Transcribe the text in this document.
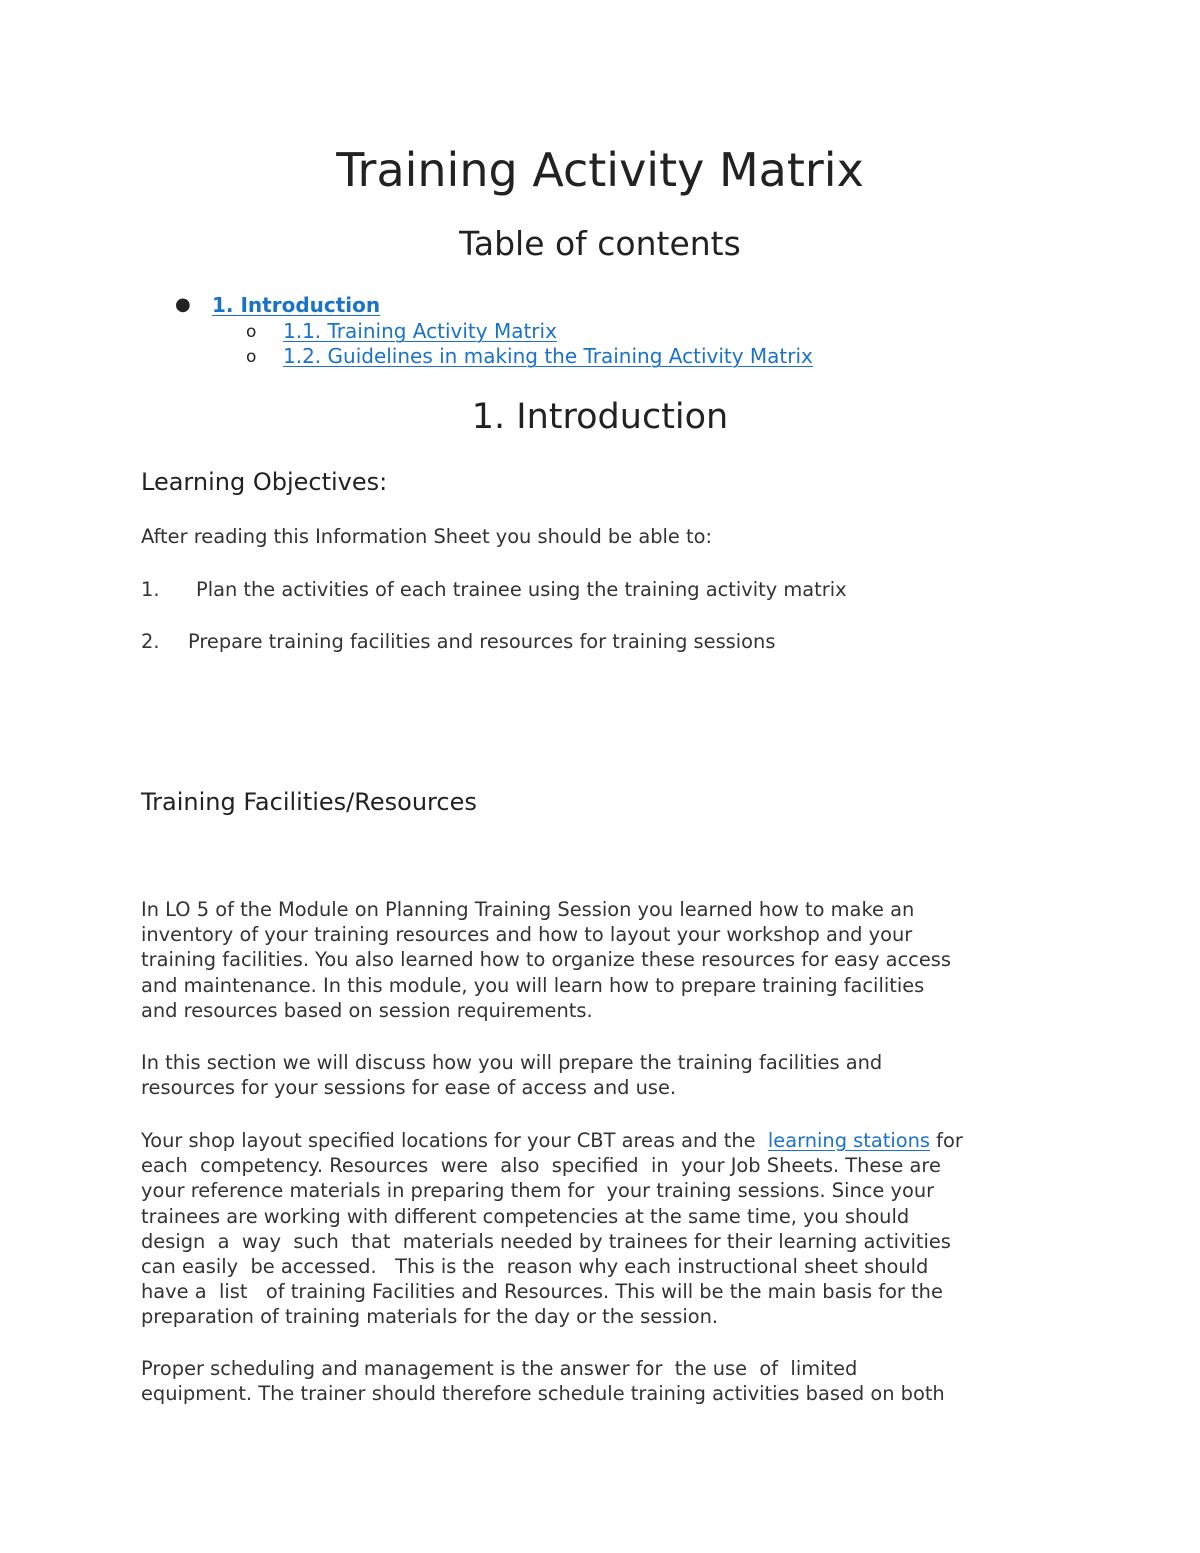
Training Activity Matrix
Table of contents
● 1. Introduction
o 1.1. Training Activity Matrix
o 1.2. Guidelines in making the Training Activity Matrix
1. Introduction
Learning Objectives:
After reading this Information Sheet you should be able to:
1. Plan the activities of each trainee using the training activity matrix
2. Prepare training facilities and resources for training sessions
Training Facilities/Resources
In LO 5 of the Module on Planning Training Session you learned how to make an
inventory of your training resources and how to layout your workshop and your
training facilities. You also learned how to organize these resources for easy access
and maintenance. In this module, you will learn how to prepare training facilities
and resources based on session requirements.
In this section we will discuss how you will prepare the training facilities and
resources for your sessions for ease of access and use.
Your shop layout specified locations for your CBT areas and the  learning stations for
each  competency. Resources  were  also  specified  in  your Job Sheets. These are
your reference materials in preparing them for  your training sessions. Since your
trainees are working with different competencies at the same time, you should
design  a  way  such  that  materials needed by trainees for their learning activities
can easily  be accessed.   This is the  reason why each instructional sheet should
have a  list   of training Facilities and Resources. This will be the main basis for the
preparation of training materials for the day or the session.
Proper scheduling and management is the answer for  the use  of  limited
equipment. The trainer should therefore schedule training activities based on both
